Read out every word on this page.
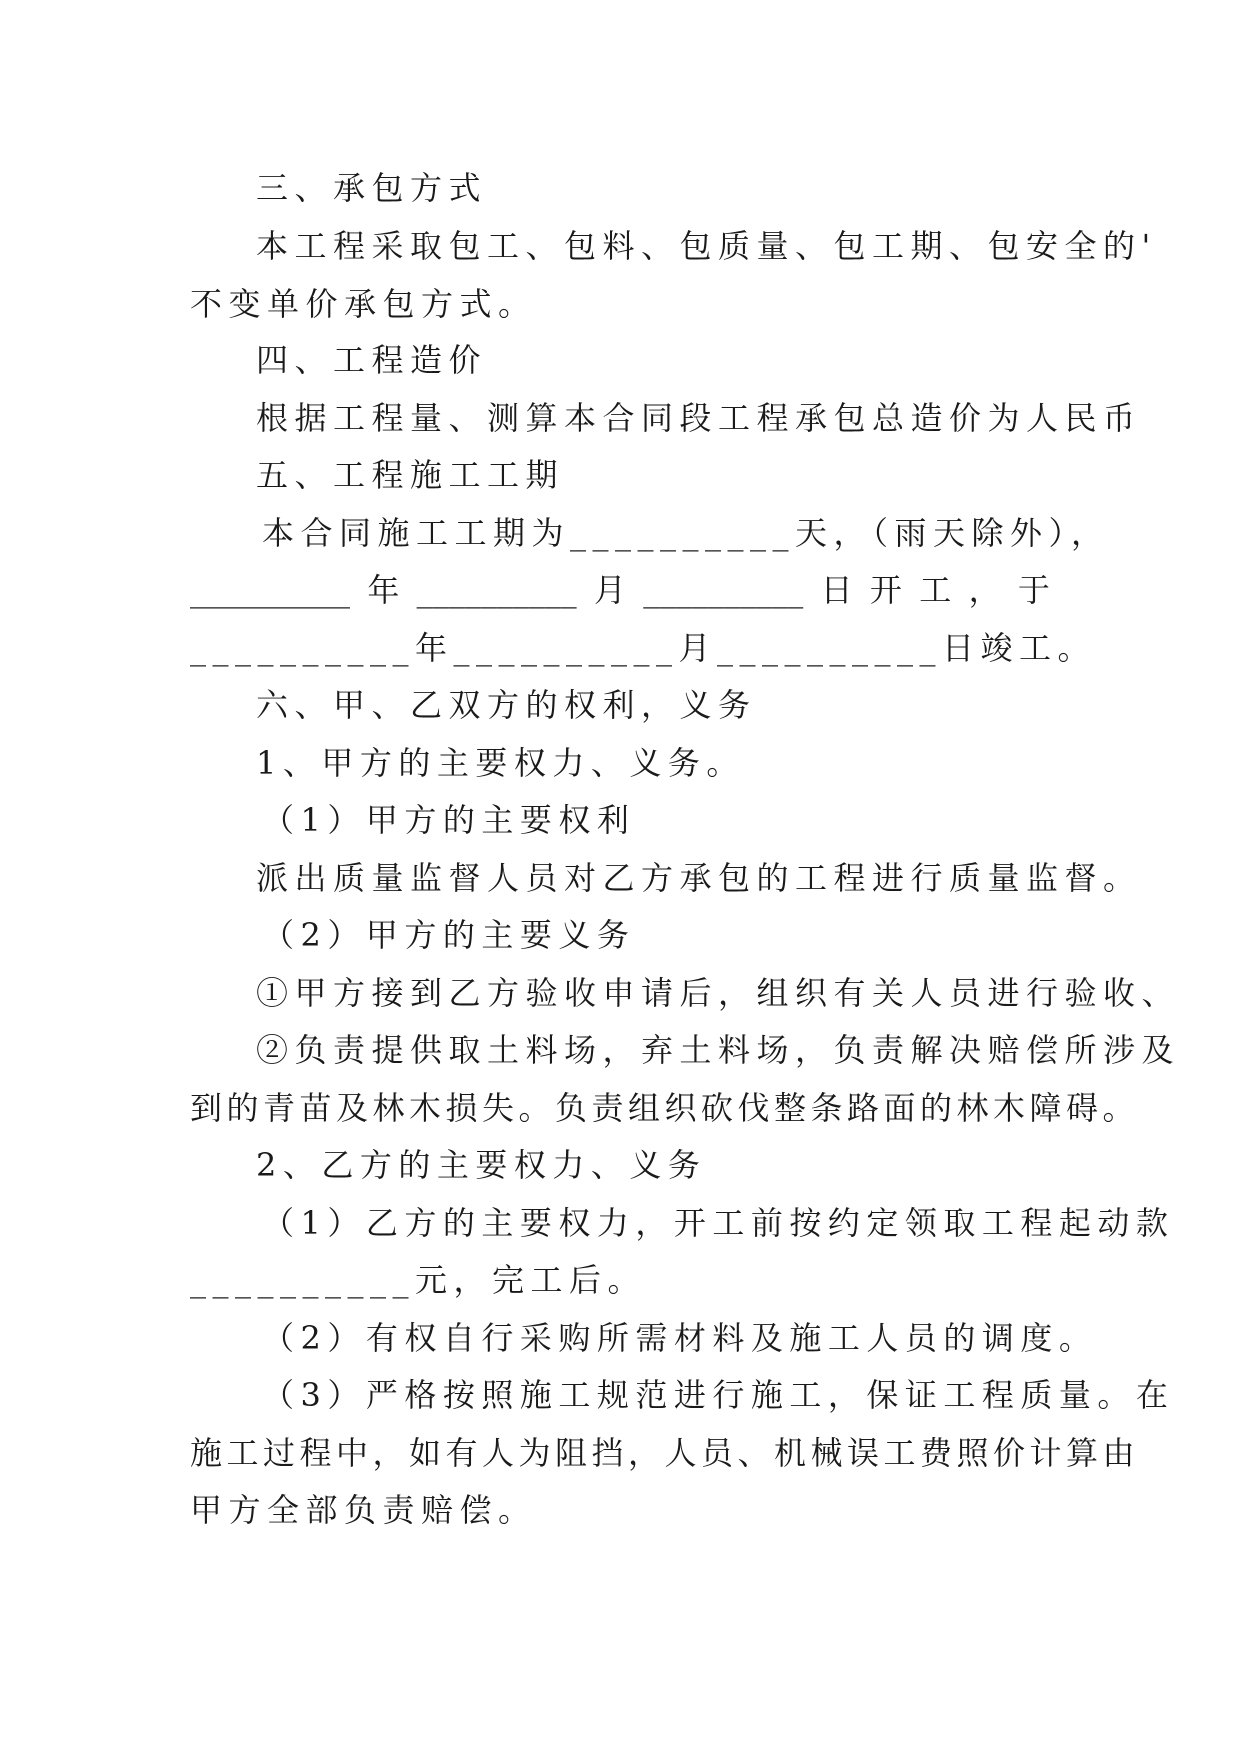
三、承包方式
本工程采取包工、包料、包质量、包工期、包安全的'
不变单价承包方式。
四、工程造价
根据工程量、测算本合同段工程承包总造价为人民币
五、工程施工工期
本合同施工工期为__________天，（雨天除外），
__________ 年 __________ 月 __________ 日 开 工 ， 于
__________年__________月__________日竣工。
六、甲、乙双方的权利，义务
1、甲方的主要权力、义务。
（1）甲方的主要权利
派出质量监督人员对乙方承包的工程进行质量监督。
（2）甲方的主要义务
①甲方接到乙方验收申请后，组织有关人员进行验收、
②负责提供取土料场，弃土料场，负责解决赔偿所涉及
到的青苗及林木损失。负责组织砍伐整条路面的林木障碍。
2、乙方的主要权力、义务
（1）乙方的主要权力，开工前按约定领取工程起动款
__________元，完工后。
（2）有权自行采购所需材料及施工人员的调度。
（3）严格按照施工规范进行施工，保证工程质量。在
施工过程中，如有人为阻挡，人员、机械误工费照价计算由
甲方全部负责赔偿。
